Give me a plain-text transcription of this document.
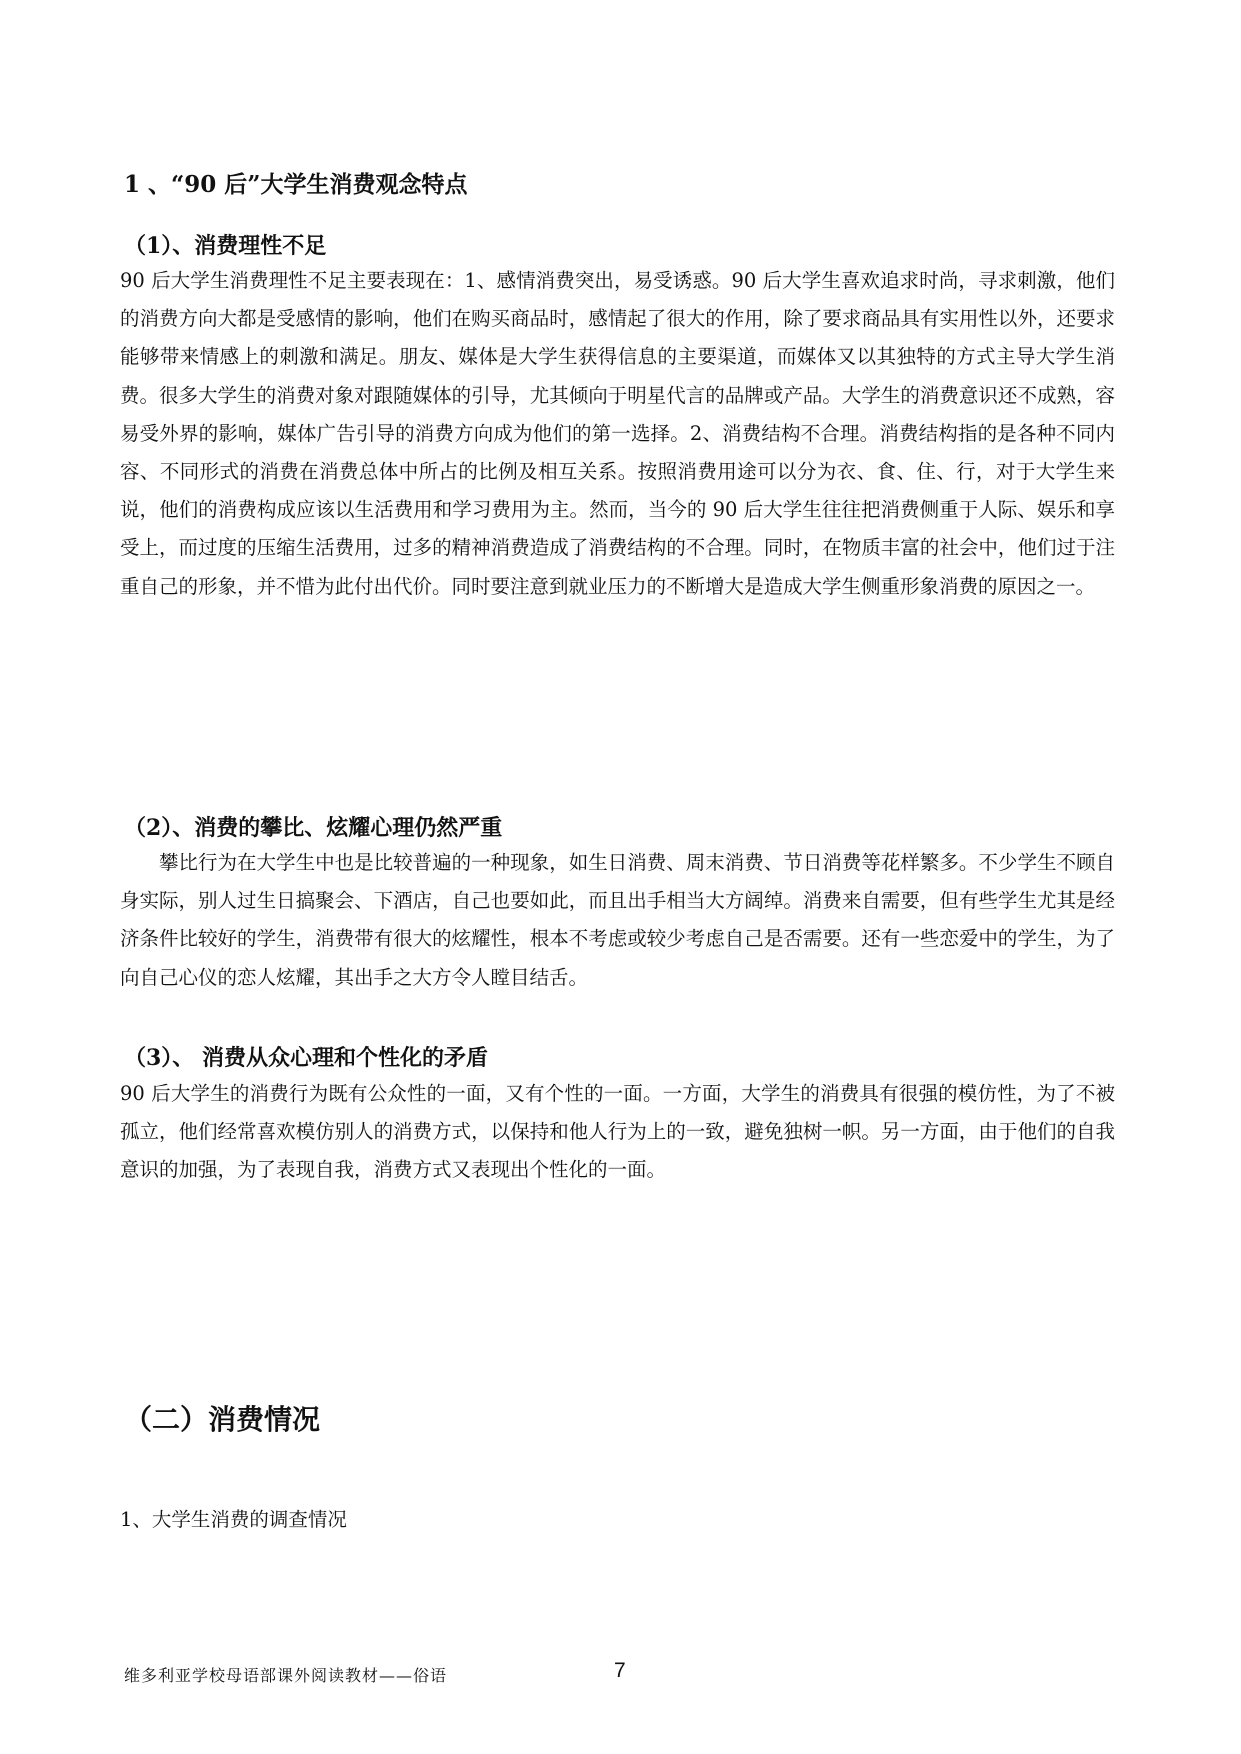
1 、“90 后”大学生消费观念特点
（1）、消费理性不足
90 后大学生消费理性不足主要表现在：1、感情消费突出，易受诱惑。90 后大学生喜欢追求时尚，寻求刺激，他们的消费方向大都是受感情的影响，他们在购买商品时，感情起了很大的作用，除了要求商品具有实用性以外，还要求能够带来情感上的刺激和满足。朋友、媒体是大学生获得信息的主要渠道，而媒体又以其独特的方式主导大学生消费。很多大学生的消费对象对跟随媒体的引导，尤其倾向于明星代言的品牌或产品。大学生的消费意识还不成熟，容易受外界的影响，媒体广告引导的消费方向成为他们的第一选择。2、消费结构不合理。消费结构指的是各种不同内容、不同形式的消费在消费总体中所占的比例及相互关系。按照消费用途可以分为衣、食、住、行，对于大学生来说，他们的消费构成应该以生活费用和学习费用为主。然而，当今的 90 后大学生往往把消费侧重于人际、娱乐和享受上，而过度的压缩生活费用，过多的精神消费造成了消费结构的不合理。同时，在物质丰富的社会中，他们过于注重自己的形象，并不惜为此付出代价。同时要注意到就业压力的不断增大是造成大学生侧重形象消费的原因之一。
（2）、消费的攀比、炫耀心理仍然严重
攀比行为在大学生中也是比较普遍的一种现象，如生日消费、周末消费、节日消费等花样繁多。不少学生不顾自身实际，别人过生日搞聚会、下酒店，自己也要如此，而且出手相当大方阔绰。消费来自需要，但有些学生尤其是经济条件比较好的学生，消费带有很大的炫耀性，根本不考虑或较少考虑自己是否需要。还有一些恋爱中的学生，为了向自己心仪的恋人炫耀，其出手之大方令人瞠目结舌。
（3）、 消费从众心理和个性化的矛盾
90 后大学生的消费行为既有公众性的一面，又有个性的一面。一方面，大学生的消费具有很强的模仿性，为了不被孤立，他们经常喜欢模仿别人的消费方式，以保持和他人行为上的一致，避免独树一帜。另一方面，由于他们的自我意识的加强，为了表现自我，消费方式又表现出个性化的一面。
（二）消费情况
1、大学生消费的调查情况
维多利亚学校母语部课外阅读教材——俗语	7
